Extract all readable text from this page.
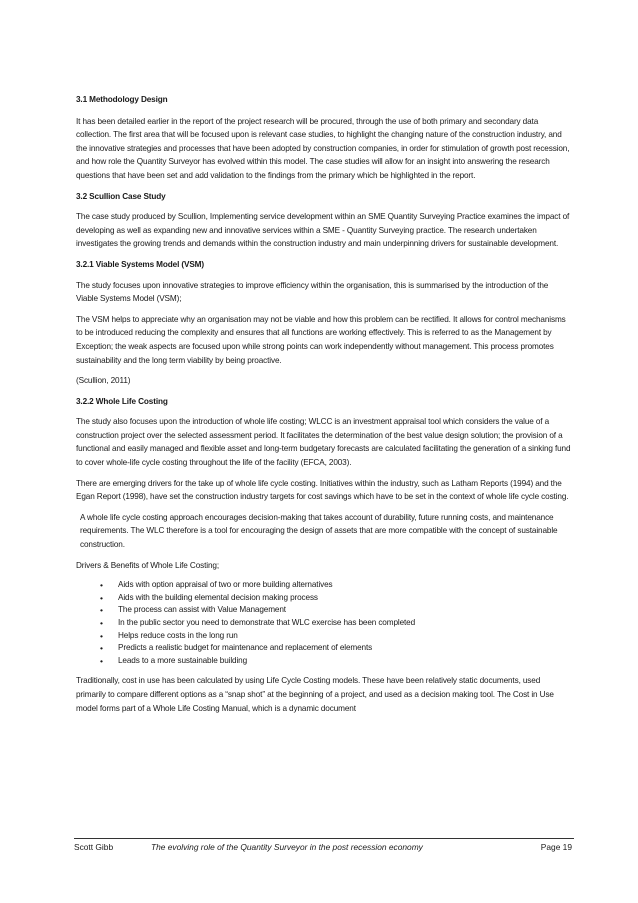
3.1 Methodology Design

It has been detailed earlier in the report of the project research will be procured, through the use of both primary and secondary data collection. The first area that will be focused upon is relevant case studies, to highlight the changing nature of the construction industry, and the innovative strategies and processes that have been adopted by construction companies, in order for stimulation of growth post recession, and how role the Quantity Surveyor has evolved within this model. The case studies will allow for an insight into answering the research questions that have been set and add validation to the findings from the primary which be highlighted in the report.

3.2 Scullion Case Study

The case study produced by Scullion, Implementing service development within an SME Quantity Surveying Practice examines the impact of developing as well as expanding new and innovative services within a SME - Quantity Surveying practice. The research undertaken investigates the growing trends and demands within the construction industry and main underpinning drivers for sustainable development.

3.2.1 Viable Systems Model (VSM)

The study focuses upon innovative strategies to improve efficiency within the organisation, this is summarised by the introduction of the Viable Systems Model (VSM);

The VSM helps to appreciate why an organisation may not be viable and how this problem can be rectified. It allows for control mechanisms to be introduced reducing the complexity and ensures that all functions are working effectively. This is referred to as the Management by Exception; the weak aspects are focused upon while strong points can work independently without management. This process promotes sustainability and the long term viability by being proactive.

(Scullion, 2011)

3.2.2 Whole Life Costing

The study also focuses upon the introduction of whole life costing; WLCC is an investment appraisal tool which considers the value of a construction project over the selected assessment period. It facilitates the determination of the best value design solution; the provision of a functional and easily managed and flexible asset and long-term budgetary forecasts are calculated facilitating the generation of a sinking fund to cover whole-life cycle costing throughout the life of the facility (EFCA, 2003).

There are emerging drivers for the take up of whole life cycle costing. Initiatives within the industry, such as Latham Reports (1994) and the Egan Report (1998), have set the construction industry targets for cost savings which have to be set in the context of whole life cycle costing.

A whole life cycle costing approach encourages decision-making that takes account of durability, future running costs, and maintenance requirements. The WLC therefore is a tool for encouraging the design of assets that are more compatible with the concept of sustainable construction.

Drivers & Benefits of Whole Life Costing;

• Aids with option appraisal of two or more building alternatives
• Aids with the building elemental decision making process
• The process can assist with Value Management
• In the public sector you need to demonstrate that WLC exercise has been completed
• Helps reduce costs in the long run
• Predicts a realistic budget for maintenance and replacement of elements
• Leads to a more sustainable building

Traditionally, cost in use has been calculated by using Life Cycle Costing models. These have been relatively static documents, used primarily to compare different options as a “snap shot” at the beginning of a project, and used as a decision making tool. The Cost in Use model forms part of a Whole Life Costing Manual, which is a dynamic document

Scott Gibb	The evolving role of the Quantity Surveyor in the post recession economy	Page 19
